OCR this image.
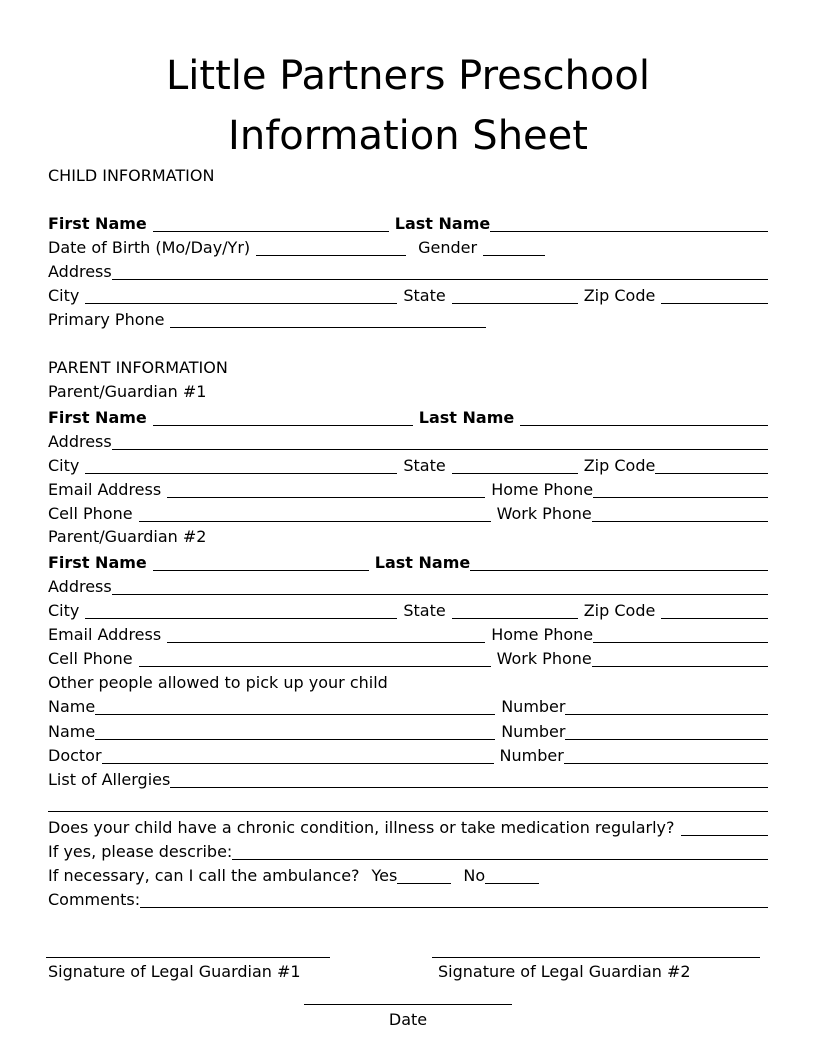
Little Partners Preschool
Information Sheet
CHILD INFORMATION
First Name	Last Name
Date of Birth (Mo/Day/Yr)	Gender
Address
City	State	Zip Code
Primary Phone
PARENT INFORMATION
Parent/Guardian #1
First Name	Last Name
Address
City	State	Zip Code
Email Address	Home Phone
Cell Phone	Work Phone
Parent/Guardian #2
First Name	Last Name
Address
City	State	Zip Code
Email Address	Home Phone
Cell Phone	Work Phone
Other people allowed to pick up your child
Name	Number
Name	Number
Doctor	Number
List of Allergies
Does your child have a chronic condition, illness or take medication regularly?
If yes, please describe:
If necessary, can I call the ambulance? Yes	No
Comments:
Signature of Legal Guardian #1	Signature of Legal Guardian #2
Date
